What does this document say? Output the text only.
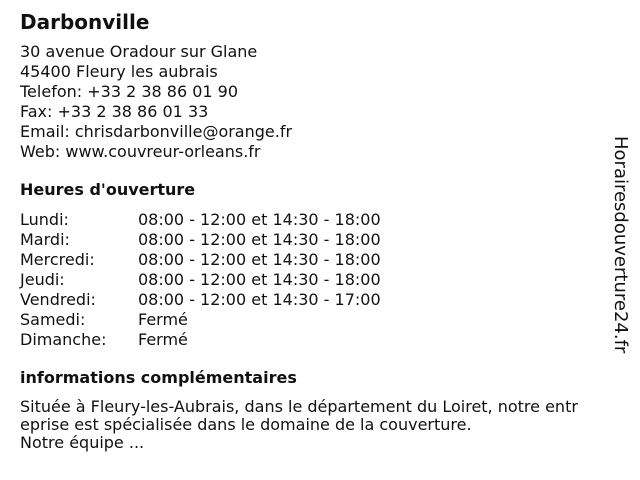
Darbonville
30 avenue Oradour sur Glane
45400 Fleury les aubrais
Telefon: +33 2 38 86 01 90
Fax: +33 2 38 86 01 33
Email: chrisdarbonville@orange.fr
Web: www.couvreur-orleans.fr
Heures d'ouverture
Lundi:	08:00 - 12:00 et 14:30 - 18:00
Mardi:	08:00 - 12:00 et 14:30 - 18:00
Mercredi:	08:00 - 12:00 et 14:30 - 18:00
Jeudi:	08:00 - 12:00 et 14:30 - 18:00
Vendredi:	08:00 - 12:00 et 14:30 - 17:00
Samedi:	Fermé
Dimanche:	Fermé
informations complémentaires
Située à Fleury-les-Aubrais, dans le département du Loiret, notre entr
eprise est spécialisée dans le domaine de la couverture.
Notre équipe ...
Horairesdouverture24.fr
